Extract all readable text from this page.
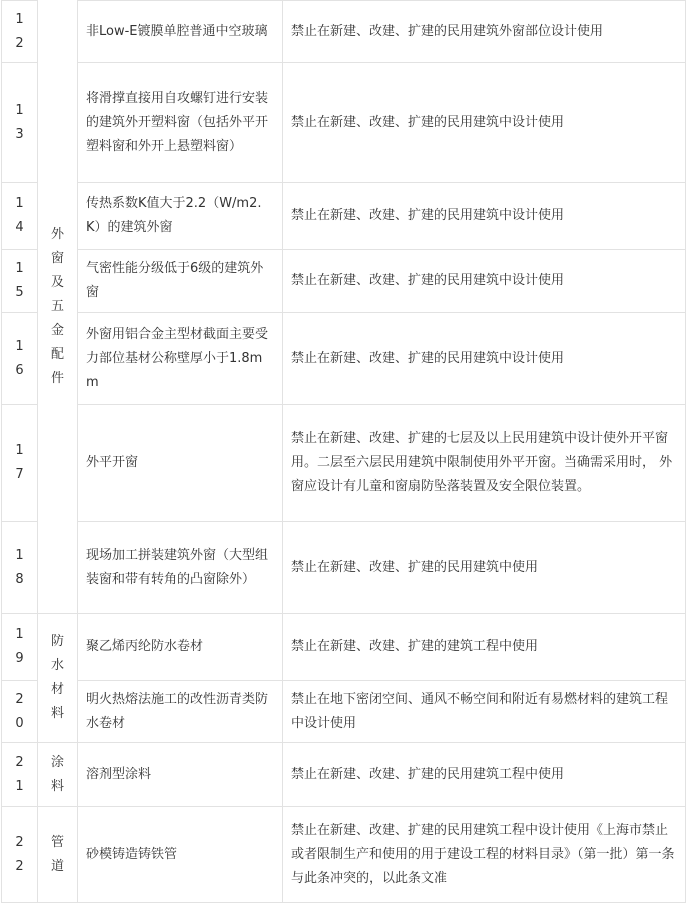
12	外窗及五金配件	非Low-E镀膜单腔普通中空玻璃	禁止在新建、改建、扩建的民用建筑外窗部位设计使用

13		将滑撑直接用自攻螺钉进行安装的建筑外开塑料窗（包括外平开塑料窗和外开上悬塑料窗）	禁止在新建、改建、扩建的民用建筑中设计使用

14		传热系数K值大于2.2（W/m2.K）的建筑外窗	禁止在新建、改建、扩建的民用建筑中设计使用

15		气密性能分级低于6级的建筑外窗	禁止在新建、改建、扩建的民用建筑中设计使用

16		外窗用铝合金主型材截面主要受力部位基材公称壁厚小于1.8mm	禁止在新建、改建、扩建的民用建筑中设计使用

17		外平开窗	禁止在新建、改建、扩建的七层及以上民用建筑中设计使外开平窗用。二层至六层民用建筑中限制使用外平开窗。当确需采用时， 外窗应设计有儿童和窗扇防坠落装置及安全限位装置。

18		现场加工拼装建筑外窗（大型组装窗和带有转角的凸窗除外）	禁止在新建、改建、扩建的民用建筑中使用

19	防水材料	聚乙烯丙纶防水卷材	禁止在新建、改建、扩建的建筑工程中使用

20		明火热熔法施工的改性沥青类防水卷材	禁止在地下密闭空间、通风不畅空间和附近有易燃材料的建筑工程中设计使用

21	涂料	溶剂型涂料	禁止在新建、改建、扩建的民用建筑工程中使用

22	管道	砂模铸造铸铁管	禁止在新建、改建、扩建的民用建筑工程中设计使用《上海市禁止或者限制生产和使用的用于建设工程的材料目录》（第一批）第一条与此条冲突的，以此条文准
